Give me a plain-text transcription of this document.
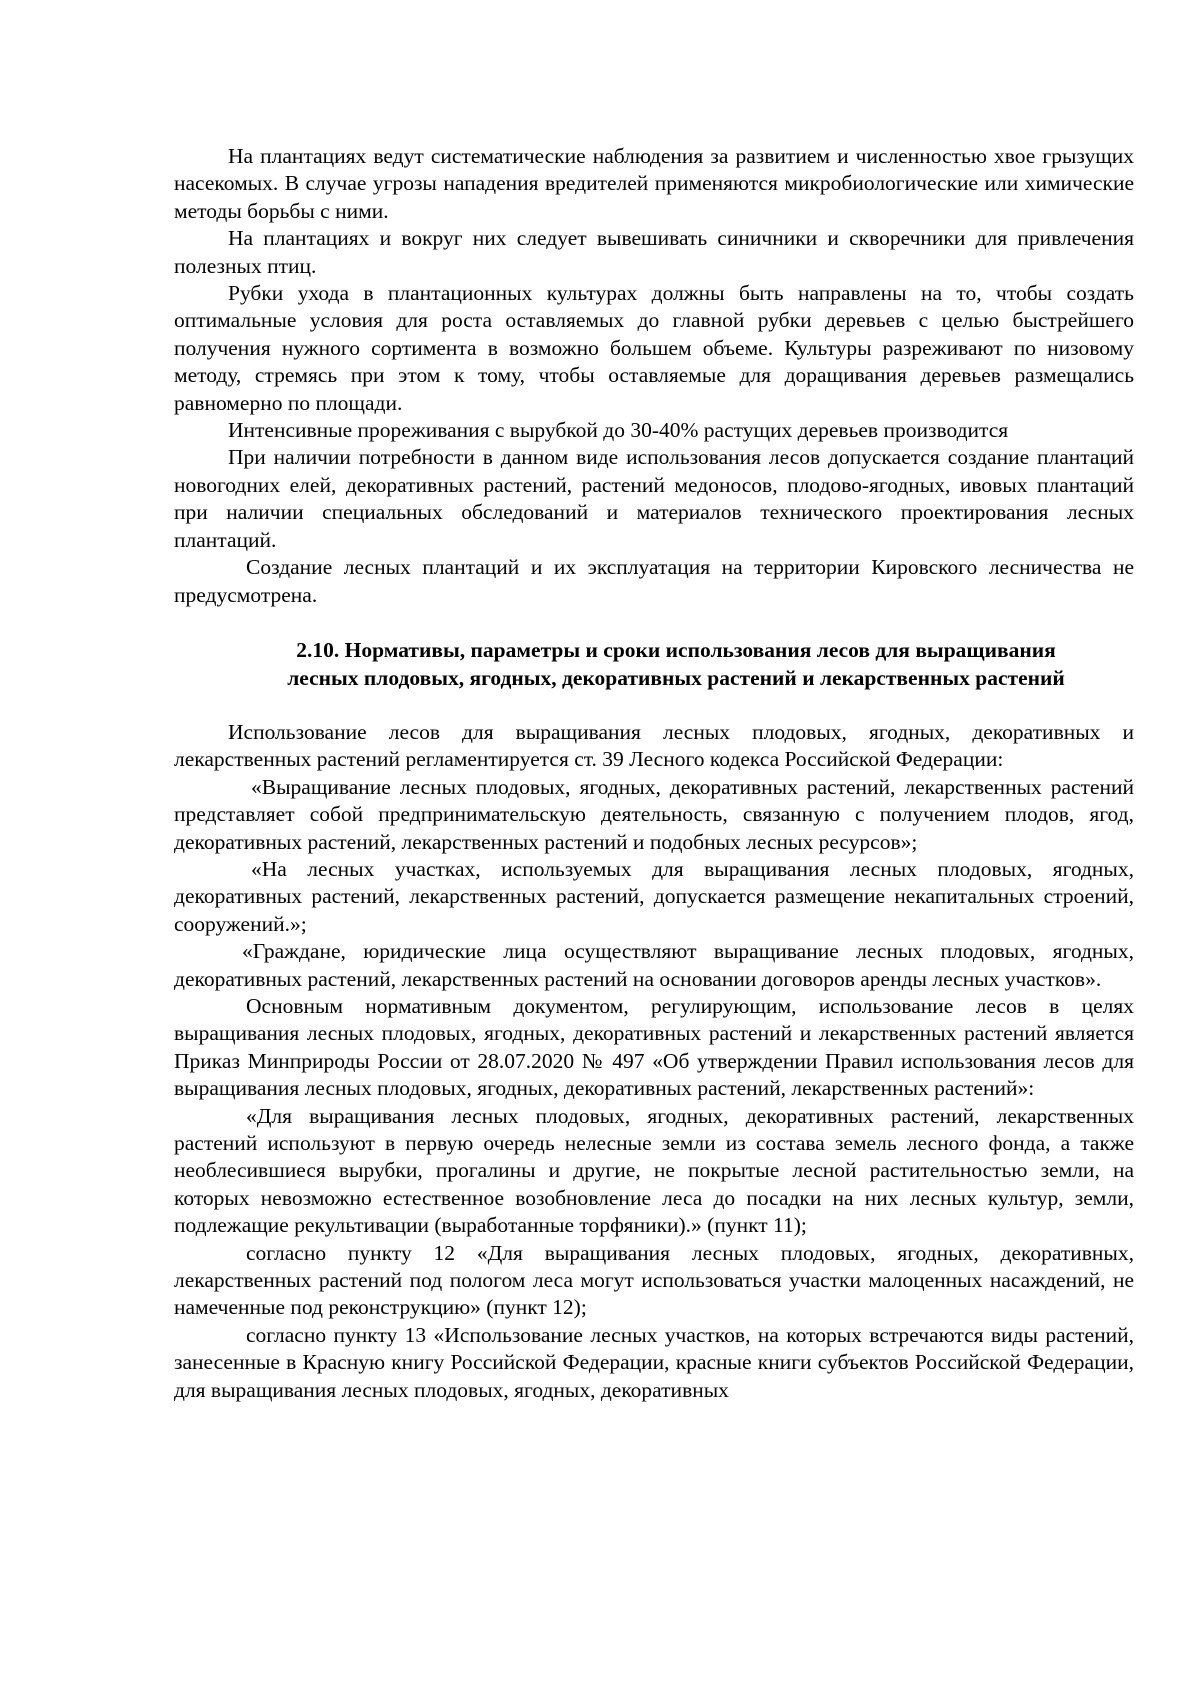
На плантациях ведут систематические наблюдения за развитием и численностью хвое грызущих насекомых. В случае угрозы нападения вредителей применяются микробиологические или химические методы борьбы с ними.

На плантациях и вокруг них следует вывешивать синичники и скворечники для привлечения полезных птиц.

Рубки ухода в плантационных культурах должны быть направлены на то, чтобы создать оптимальные условия для роста оставляемых до главной рубки деревьев с целью быстрейшего получения нужного сортимента в возможно большем объеме. Культуры разреживают по низовому методу, стремясь при этом к тому, чтобы оставляемые для доращивания деревьев размещались равномерно по площади.

Интенсивные прореживания с вырубкой до 30-40% растущих деревьев производится

При наличии потребности в данном виде использования лесов допускается создание плантаций новогодних елей, декоративных растений, растений медоносов, плодово-ягодных, ивовых плантаций при наличии специальных обследований и материалов технического проектирования лесных плантаций.

Создание лесных плантаций и их эксплуатация на территории Кировского лесничества не предусмотрена.

2.10. Нормативы, параметры и сроки использования лесов для выращивания

лесных плодовых, ягодных, декоративных растений и лекарственных растений

Использование лесов для выращивания лесных плодовых, ягодных, декоративных и лекарственных растений регламентируется ст. 39 Лесного кодекса Российской Федерации:

«Выращивание лесных плодовых, ягодных, декоративных растений, лекарственных растений представляет собой предпринимательскую деятельность, связанную с получением плодов, ягод, декоративных растений, лекарственных растений и подобных лесных ресурсов»;

«На лесных участках, используемых для выращивания лесных плодовых, ягодных, декоративных растений, лекарственных растений, допускается размещение некапитальных строений, сооружений.»;

«Граждане, юридические лица осуществляют выращивание лесных плодовых, ягодных, декоративных растений, лекарственных растений на основании договоров аренды лесных участков».

Основным нормативным документом, регулирующим, использование лесов в целях выращивания лесных плодовых, ягодных, декоративных растений и лекарственных растений является Приказ Минприроды России от 28.07.2020 № 497 «Об утверждении Правил использования лесов для выращивания лесных плодовых, ягодных, декоративных растений, лекарственных растений»:

«Для выращивания лесных плодовых, ягодных, декоративных растений, лекарственных растений используют в первую очередь нелесные земли из состава земель лесного фонда, а также необлесившиеся вырубки, прогалины и другие, не покрытые лесной растительностью земли, на которых невозможно естественное возобновление леса до посадки на них лесных культур, земли, подлежащие рекультивации (выработанные торфяники).» (пункт 11);

согласно пункту 12 «Для выращивания лесных плодовых, ягодных, декоративных, лекарственных растений под пологом леса могут использоваться участки малоценных насаждений, не намеченные под реконструкцию» (пункт 12);

согласно пункту 13 «Использование лесных участков, на которых встречаются виды растений, занесенные в Красную книгу Российской Федерации, красные книги субъектов Российской Федерации, для выращивания лесных плодовых, ягодных, декоративных
